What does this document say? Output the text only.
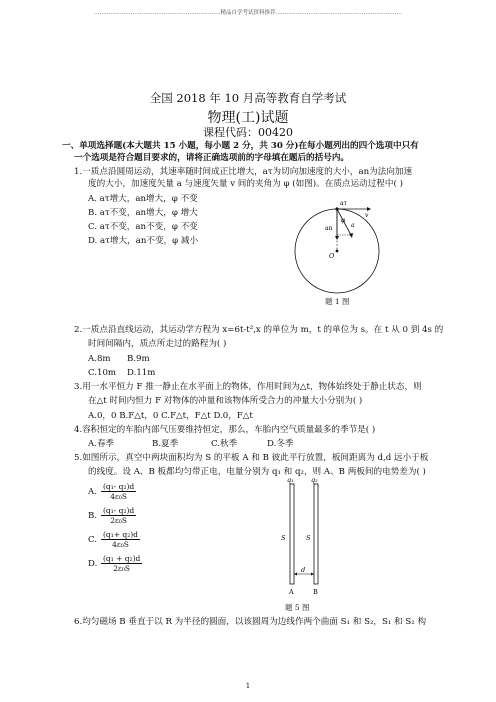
……………………………………………………………精品自学考试资料推荐……………………………………………………………
全国 2018 年 10 月高等教育自学考试
物理(工)试题
课程代码：00420
一、单项选择题(本大题共 15 小题，每小题 2 分，共 30 分)在每小题列出的四个选项中只有
一个选项是符合题目要求的，请将正确选项前的字母填在题后的括号内。
1.一质点沿圆周运动，其速率随时间成正比增大，aτ为切向加速度的大小，an为法向加速
度的大小，加速度矢量 a 与速度矢量 v 间的夹角为 φ (如图)。在质点运动过程中( )
A. aτ增大，an增大，φ 不变
B. aτ不变，an增大，φ 增大
C. aτ不变，an不变，φ 不变
D. aτ增大，an不变，φ 减小
aτ
v
a
φ
an
O
题 1 图
2.一质点沿直线运动，其运动学方程为 x=6t-t²,x 的单位为 m，t 的单位为 s。在 t 从 0 到 4s 的
时间间隔内，质点所走过的路程为( )
A.8m B.9m
C.10m D.11m
3.用一水平恒力 F 推一静止在水平面上的物体，作用时间为△t，物体始终处于静止状态，则
在△t 时间内恒力 F 对物体的冲量和该物体所受合力的冲量大小分别为( )
A.0，0 B.F△t，0 C.F△t，F△t D.0，F△t
4.容积恒定的车胎内部气压要维持恒定，那么，车胎内空气质量最多的季节是( )
A.春季	B.夏季	C.秋季	D.冬季
5.如图所示，真空中两块面积均为 S 的平板 A 和 B 彼此平行放置，板间距离为 d,d 远小于板
的线度。设 A、B 板都均匀带正电，电量分别为 q₁ 和 q₂，则 A、B 两板间的电势差为( )
A. $\frac{\text{(q₁- q₂)d}}{\text{4ε₀S}}$
B. $\frac{\text{(q₁- q₂)d}}{\text{2ε₀S}}$
C. $\frac{\text{(q₁+ q₂)d}}{\text{4ε₀S}}$
D. $\frac{\text{(q₁ + q₂)d}}{\text{2ε₀S}}$
q₁	q₂
S	S
d
A	B
题 5 图
6.均匀磁场 B 垂直于以 R 为半径的圆面，以该圆周为边线作两个曲面 S₁ 和 S₂，S₁ 和 S₂ 构
1
